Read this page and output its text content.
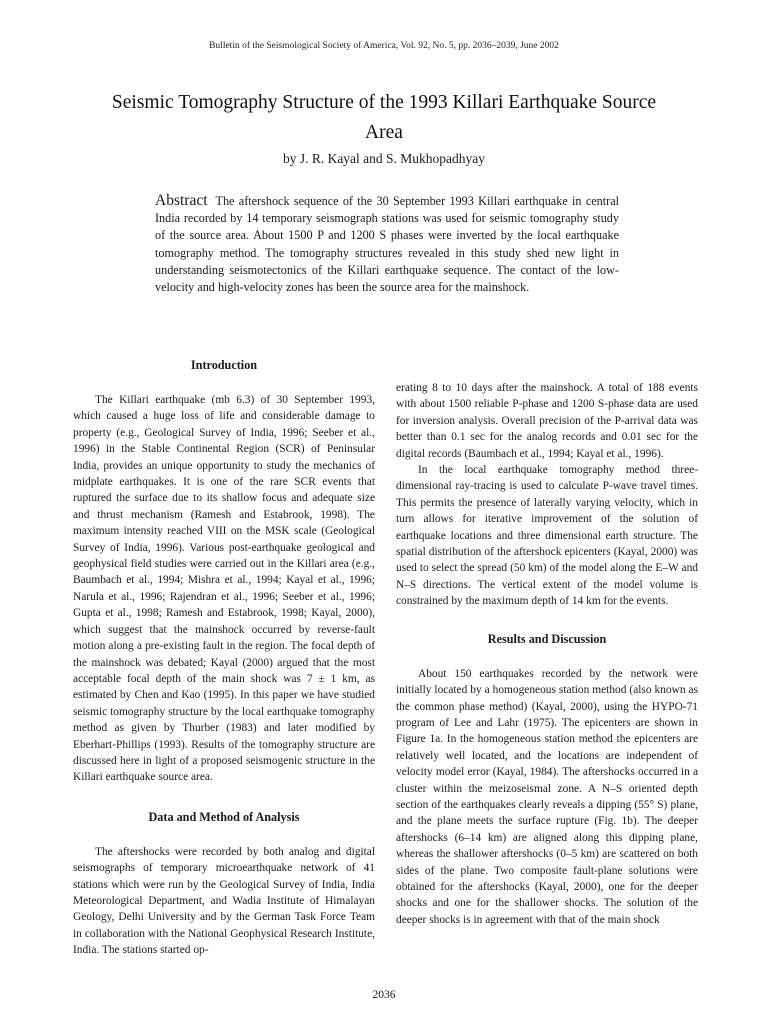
Bulletin of the Seismological Society of America, Vol. 92, No. 5, pp. 2036–2039, June 2002
Seismic Tomography Structure of the 1993 Killari Earthquake Source Area
by J. R. Kayal and S. Mukhopadhyay
Abstract The aftershock sequence of the 30 September 1993 Killari earthquake in central India recorded by 14 temporary seismograph stations was used for seismic tomography study of the source area. About 1500 P and 1200 S phases were inverted by the local earthquake tomography method. The tomography structures revealed in this study shed new light in understanding seismotectonics of the Killari earthquake sequence. The contact of the low-velocity and high-velocity zones has been the source area for the mainshock.
Introduction

The Killari earthquake (mb 6.3) of 30 September 1993, which caused a huge loss of life and considerable damage to property (e.g., Geological Survey of India, 1996; Seeber et al., 1996) in the Stable Continental Region (SCR) of Peninsular India, provides an unique opportunity to study the mechanics of midplate earthquakes. It is one of the rare SCR events that ruptured the surface due to its shallow focus and adequate size and thrust mechanism (Ramesh and Estabrook, 1998). The maximum intensity reached VIII on the MSK scale (Geological Survey of India, 1996). Various post-earthquake geological and geophysical field studies were carried out in the Killari area (e.g., Baumbach et al., 1994; Mishra et al., 1994; Kayal et al., 1996; Narula et al., 1996; Rajendran et al., 1996; Seeber et al., 1996; Gupta et al., 1998; Ramesh and Estabrook, 1998; Kayal, 2000), which suggest that the mainshock occurred by reverse-fault motion along a pre-existing fault in the region. The focal depth of the mainshock was debated; Kayal (2000) argued that the most acceptable focal depth of the main shock was 7 ± 1 km, as estimated by Chen and Kao (1995). In this paper we have studied seismic tomography structure by the local earthquake tomography method as given by Thurber (1983) and later modified by Eberhart-Phillips (1993). Results of the tomography structure are discussed here in light of a proposed seismogenic structure in the Killari earthquake source area.

Data and Method of Analysis

The aftershocks were recorded by both analog and digital seismographs of temporary microearthquake network of 41 stations which were run by the Geological Survey of India, India Meteorological Department, and Wadia Institute of Himalayan Geology, Delhi University and by the German Task Force Team in collaboration with the National Geophysical Research Institute, India. The stations started op-

erating 8 to 10 days after the mainshock. A total of 188 events with about 1500 reliable P-phase and 1200 S-phase data are used for inversion analysis. Overall precision of the P-arrival data was better than 0.1 sec for the analog records and 0.01 sec for the digital records (Baumbach et al., 1994; Kayal et al., 1996).

In the local earthquake tomography method three-dimensional ray-tracing is used to calculate P-wave travel times. This permits the presence of laterally varying velocity, which in turn allows for iterative improvement of the solution of earthquake locations and three dimensional earth structure. The spatial distribution of the aftershock epicenters (Kayal, 2000) was used to select the spread (50 km) of the model along the E–W and N–S directions. The vertical extent of the model volume is constrained by the maximum depth of 14 km for the events.

Results and Discussion

About 150 earthquakes recorded by the network were initially located by a homogeneous station method (also known as the common phase method) (Kayal, 2000), using the HYPO-71 program of Lee and Lahr (1975). The epicenters are shown in Figure 1a. In the homogeneous station method the epicenters are relatively well located, and the locations are independent of velocity model error (Kayal, 1984). The aftershocks occurred in a cluster within the meizoseismal zone. A N–S oriented depth section of the earthquakes clearly reveals a dipping (55° S) plane, and the plane meets the surface rupture (Fig. 1b). The deeper aftershocks (6–14 km) are aligned along this dipping plane, whereas the shallower aftershocks (0–5 km) are scattered on both sides of the plane. Two composite fault-plane solutions were obtained for the aftershocks (Kayal, 2000), one for the deeper shocks and one for the shallower shocks. The solution of the deeper shocks is in agreement with that of the main shock

2036
